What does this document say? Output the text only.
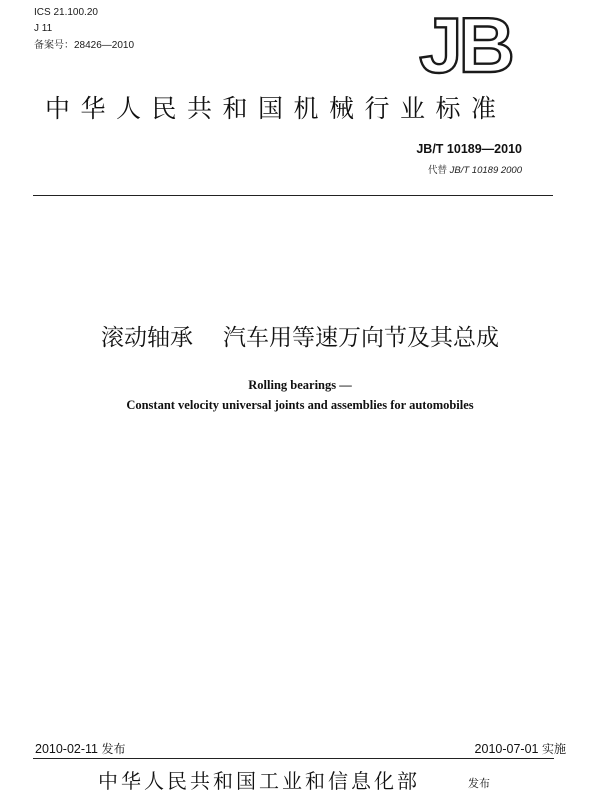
ICS 21.100.20
J 11
备案号：28426—2010	JB
中华人民共和国机械行业标准
JB/T 10189—2010
代替 JB/T 10189 2000
滚动轴承 汽车用等速万向节及其总成
Rolling bearings —
Constant velocity universal joints and assemblies for automobiles
2010-02-11 发布	2010-07-01 实施
中华人民共和国工业和信息化部	发布
